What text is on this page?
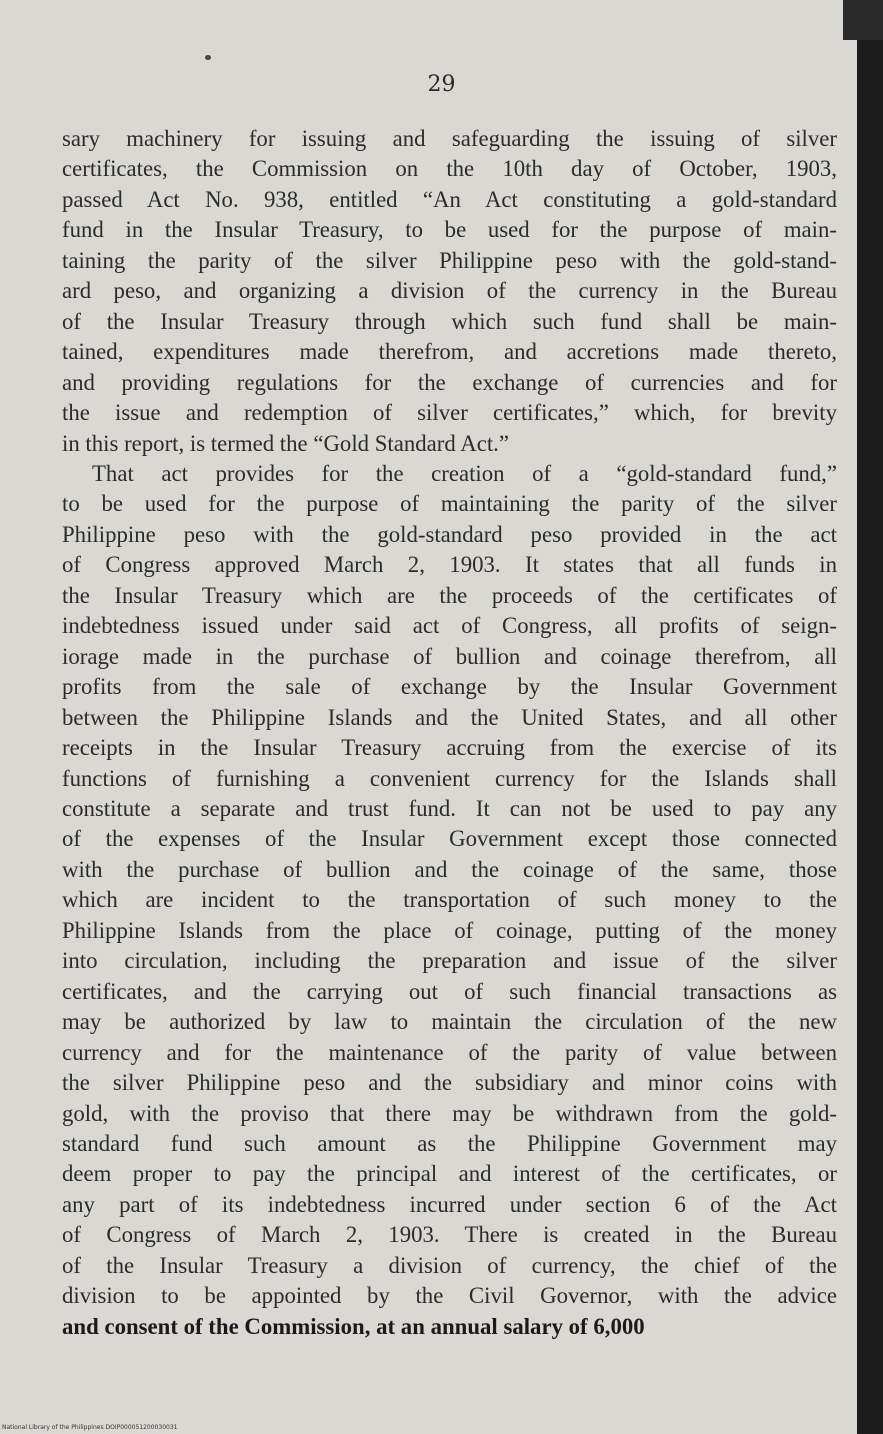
29
sary machinery for issuing and safeguarding the issuing of silver
certificates, the Commission on the 10th day of October, 1903,
passed Act No. 938, entitled “An Act constituting a gold-standard
fund in the Insular Treasury, to be used for the purpose of main-
taining the parity of the silver Philippine peso with the gold-stand-
ard peso, and organizing a division of the currency in the Bureau
of the Insular Treasury through which such fund shall be main-
tained, expenditures made therefrom, and accretions made thereto,
and providing regulations for the exchange of currencies and for
the issue and redemption of silver certificates,” which, for brevity
in this report, is termed the “Gold Standard Act.”
That act provides for the creation of a “gold-standard fund,”
to be used for the purpose of maintaining the parity of the silver
Philippine peso with the gold-standard peso provided in the act
of Congress approved March 2, 1903. It states that all funds in
the Insular Treasury which are the proceeds of the certificates of
indebtedness issued under said act of Congress, all profits of seign-
iorage made in the purchase of bullion and coinage therefrom, all
profits from the sale of exchange by the Insular Government
between the Philippine Islands and the United States, and all other
receipts in the Insular Treasury accruing from the exercise of its
functions of furnishing a convenient currency for the Islands shall
constitute a separate and trust fund. It can not be used to pay any
of the expenses of the Insular Government except those connected
with the purchase of bullion and the coinage of the same, those
which are incident to the transportation of such money to the
Philippine Islands from the place of coinage, putting of the money
into circulation, including the preparation and issue of the silver
certificates, and the carrying out of such financial transactions as
may be authorized by law to maintain the circulation of the new
currency and for the maintenance of the parity of value between
the silver Philippine peso and the subsidiary and minor coins with
gold, with the proviso that there may be withdrawn from the gold-
standard fund such amount as the Philippine Government may
deem proper to pay the principal and interest of the certificates, or
any part of its indebtedness incurred under section 6 of the Act
of Congress of March 2, 1903. There is created in the Bureau
of the Insular Treasury a division of currency, the chief of the
division to be appointed by the Civil Governor, with the advice
and consent of the Commission, at an annual salary of 6,000
National Library of the Philippines DOIP000051200030031
